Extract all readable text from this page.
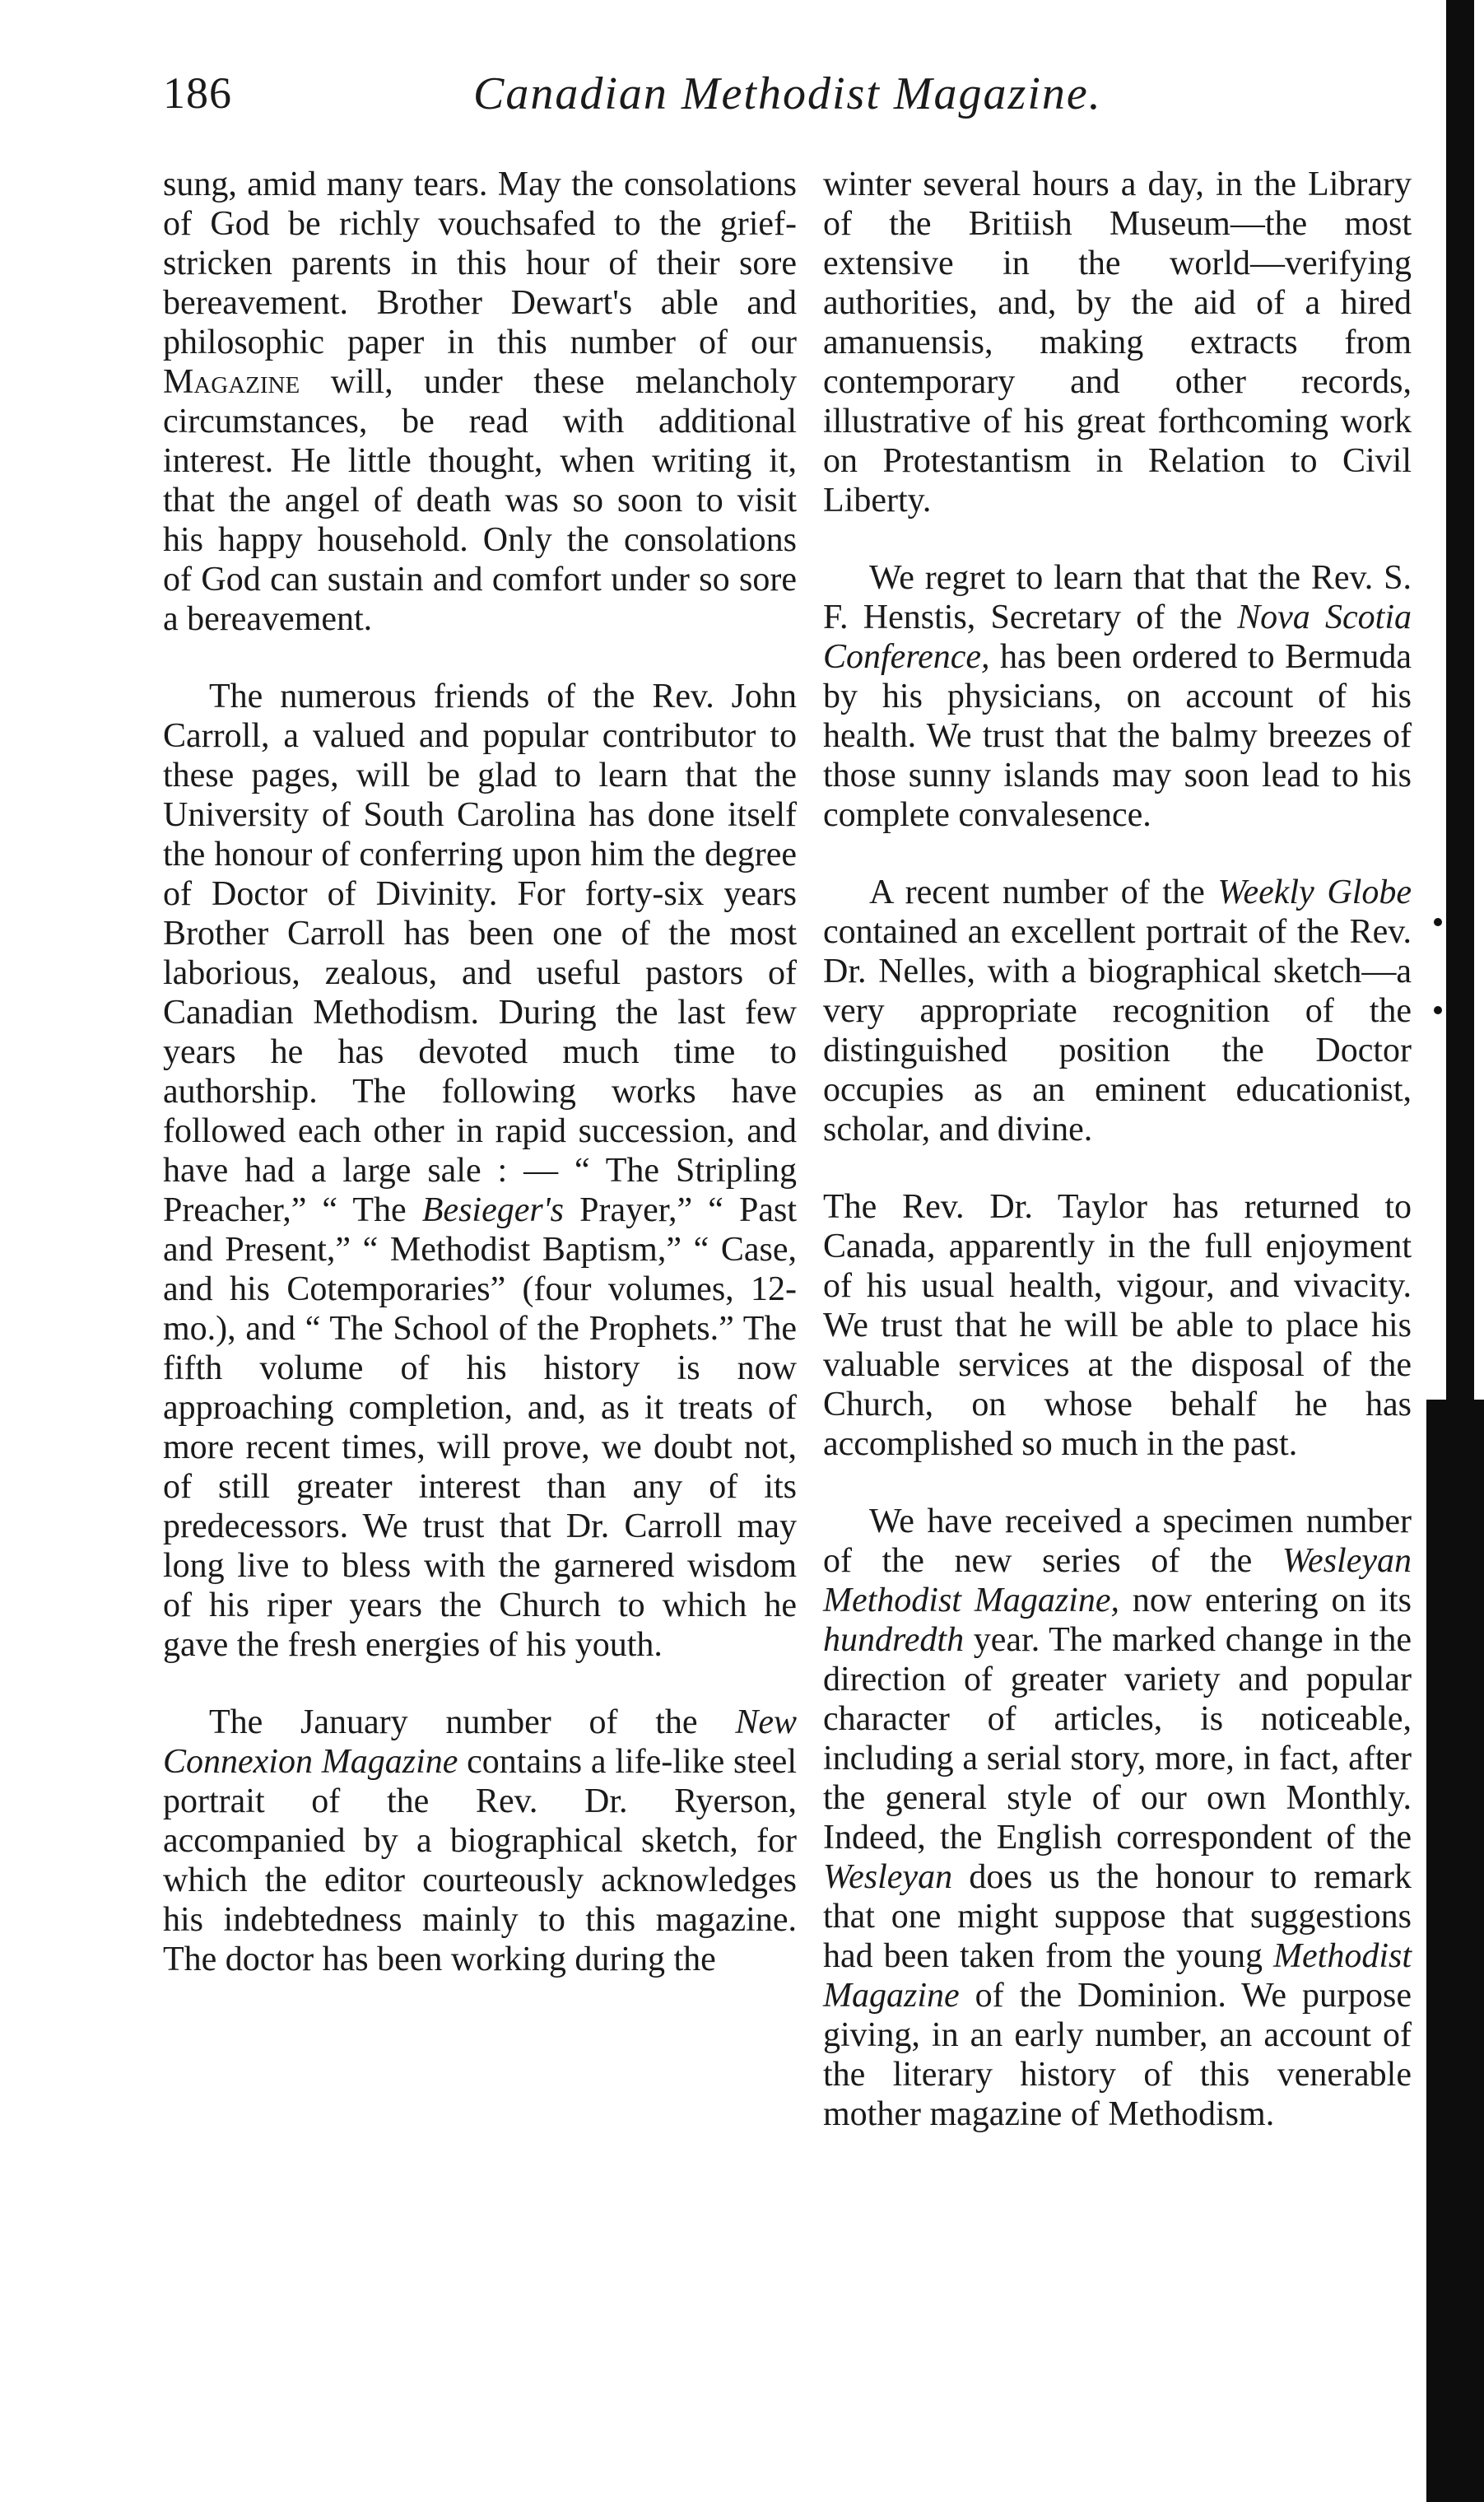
186	Canadian Methodist Magazine.

sung, amid many tears. May the consolations of God be richly vouchsafed to the grief-stricken parents in this hour of their sore bereavement. Brother Dewart's able and philosophic paper in this number of our Magazine will, under these melancholy circumstances, be read with additional interest. He little thought, when writing it, that the angel of death was so soon to visit his happy household. Only the consolations of God can sustain and comfort under so sore a bereavement.

The numerous friends of the Rev. John Carroll, a valued and popular contributor to these pages, will be glad to learn that the University of South Carolina has done itself the honour of conferring upon him the degree of Doctor of Divinity. For forty-six years Brother Carroll has been one of the most laborious, zealous, and useful pastors of Canadian Methodism. During the last few years he has devoted much time to authorship. The following works have followed each other in rapid succession, and have had a large sale : — “ The Stripling Preacher,” “ The Besieger's Prayer,” “ Past and Present,” “ Methodist Baptism,” “ Case, and his Cotemporaries” (four volumes, 12-mo.), and “ The School of the Prophets.” The fifth volume of his history is now approaching completion, and, as it treats of more recent times, will prove, we doubt not, of still greater interest than any of its predecessors. We trust that Dr. Carroll may long live to bless with the garnered wisdom of his riper years the Church to which he gave the fresh energies of his youth.

The January number of the New Connexion Magazine contains a life-like steel portrait of the Rev. Dr. Ryerson, accompanied by a biographical sketch, for which the editor courteously acknowledges his indebtedness mainly to this magazine. The doctor has been working during the

winter several hours a day, in the Library of the Britiish Museum—the most extensive in the world—verifying authorities, and, by the aid of a hired amanuensis, making extracts from contemporary and other records, illustrative of his great forthcoming work on Protestantism in Relation to Civil Liberty.

We regret to learn that that the Rev. S. F. Henstis, Secretary of the Nova Scotia Conference, has been ordered to Bermuda by his physicians, on account of his health. We trust that the balmy breezes of those sunny islands may soon lead to his complete convalesence.

A recent number of the Weekly Globe contained an excellent portrait of the Rev. Dr. Nelles, with a biographical sketch—a very appropriate recognition of the distinguished position the Doctor occupies as an eminent educationist, scholar, and divine.

The Rev. Dr. Taylor has returned to Canada, apparently in the full enjoyment of his usual health, vigour, and vivacity. We trust that he will be able to place his valuable services at the disposal of the Church, on whose behalf he has accomplished so much in the past.

We have received a specimen number of the new series of the Wesleyan Methodist Magazine, now entering on its hundredth year. The marked change in the direction of greater variety and popular character of articles, is noticeable, including a serial story, more, in fact, after the general style of our own Monthly. Indeed, the English correspondent of the Wesleyan does us the honour to remark that one might suppose that suggestions had been taken from the young Methodist Magazine of the Dominion. We purpose giving, in an early number, an account of the literary history of this venerable mother magazine of Methodism.
